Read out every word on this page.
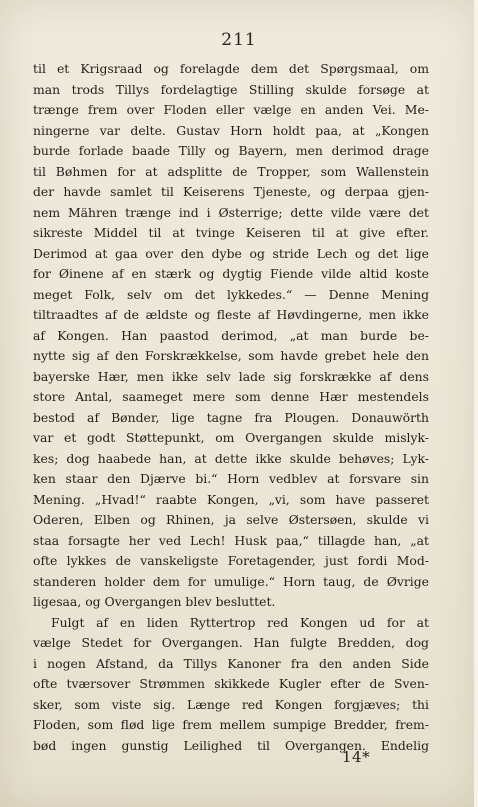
211
til et Krigsraad og forelagde dem det Spørgsmaal, om
man trods Tillys fordelagtige Stilling skulde forsøge at
trænge frem over Floden eller vælge en anden Vei. Me-
ningerne var delte. Gustav Horn holdt paa, at „Kongen
burde forlade baade Tilly og Bayern, men derimod drage
til Bøhmen for at adsplitte de Tropper, som Wallenstein
der havde samlet til Keiserens Tjeneste, og derpaa gjen-
nem Mähren trænge ind i Østerrige; dette vilde være det
sikreste Middel til at tvinge Keiseren til at give efter.
Derimod at gaa over den dybe og stride Lech og det lige
for Øinene af en stærk og dygtig Fiende vilde altid koste
meget Folk, selv om det lykkedes.“ — Denne Mening
tiltraadtes af de ældste og fleste af Høvdingerne, men ikke
af Kongen. Han paastod derimod, „at man burde be-
nytte sig af den Forskrækkelse, som havde grebet hele den
bayerske Hær, men ikke selv lade sig forskrække af dens
store Antal, saameget mere som denne Hær mestendels
bestod af Bønder, lige tagne fra Plougen. Donauwörth
var et godt Støttepunkt, om Overgangen skulde mislyk-
kes; dog haabede han, at dette ikke skulde behøves; Lyk-
ken staar den Djærve bi.“ Horn vedblev at forsvare sin
Mening. „Hvad!“ raabte Kongen, „vi, som have passeret
Oderen, Elben og Rhinen, ja selve Østersøen, skulde vi
staa forsagte her ved Lech! Husk paa,“ tillagde han, „at
ofte lykkes de vanskeligste Foretagender, just fordi Mod-
standeren holder dem for umulige.“ Horn taug, de Øvrige
ligesaa, og Overgangen blev besluttet.
Fulgt af en liden Ryttertrop red Kongen ud for at
vælge Stedet for Overgangen. Han fulgte Bredden, dog
i nogen Afstand, da Tillys Kanoner fra den anden Side
ofte tværsover Strømmen skikkede Kugler efter de Sven-
sker, som viste sig. Længe red Kongen forgjæves; thi
Floden, som flød lige frem mellem sumpige Bredder, frem-
bød ingen gunstig Leilighed til Overgangen. Endelig
14*
